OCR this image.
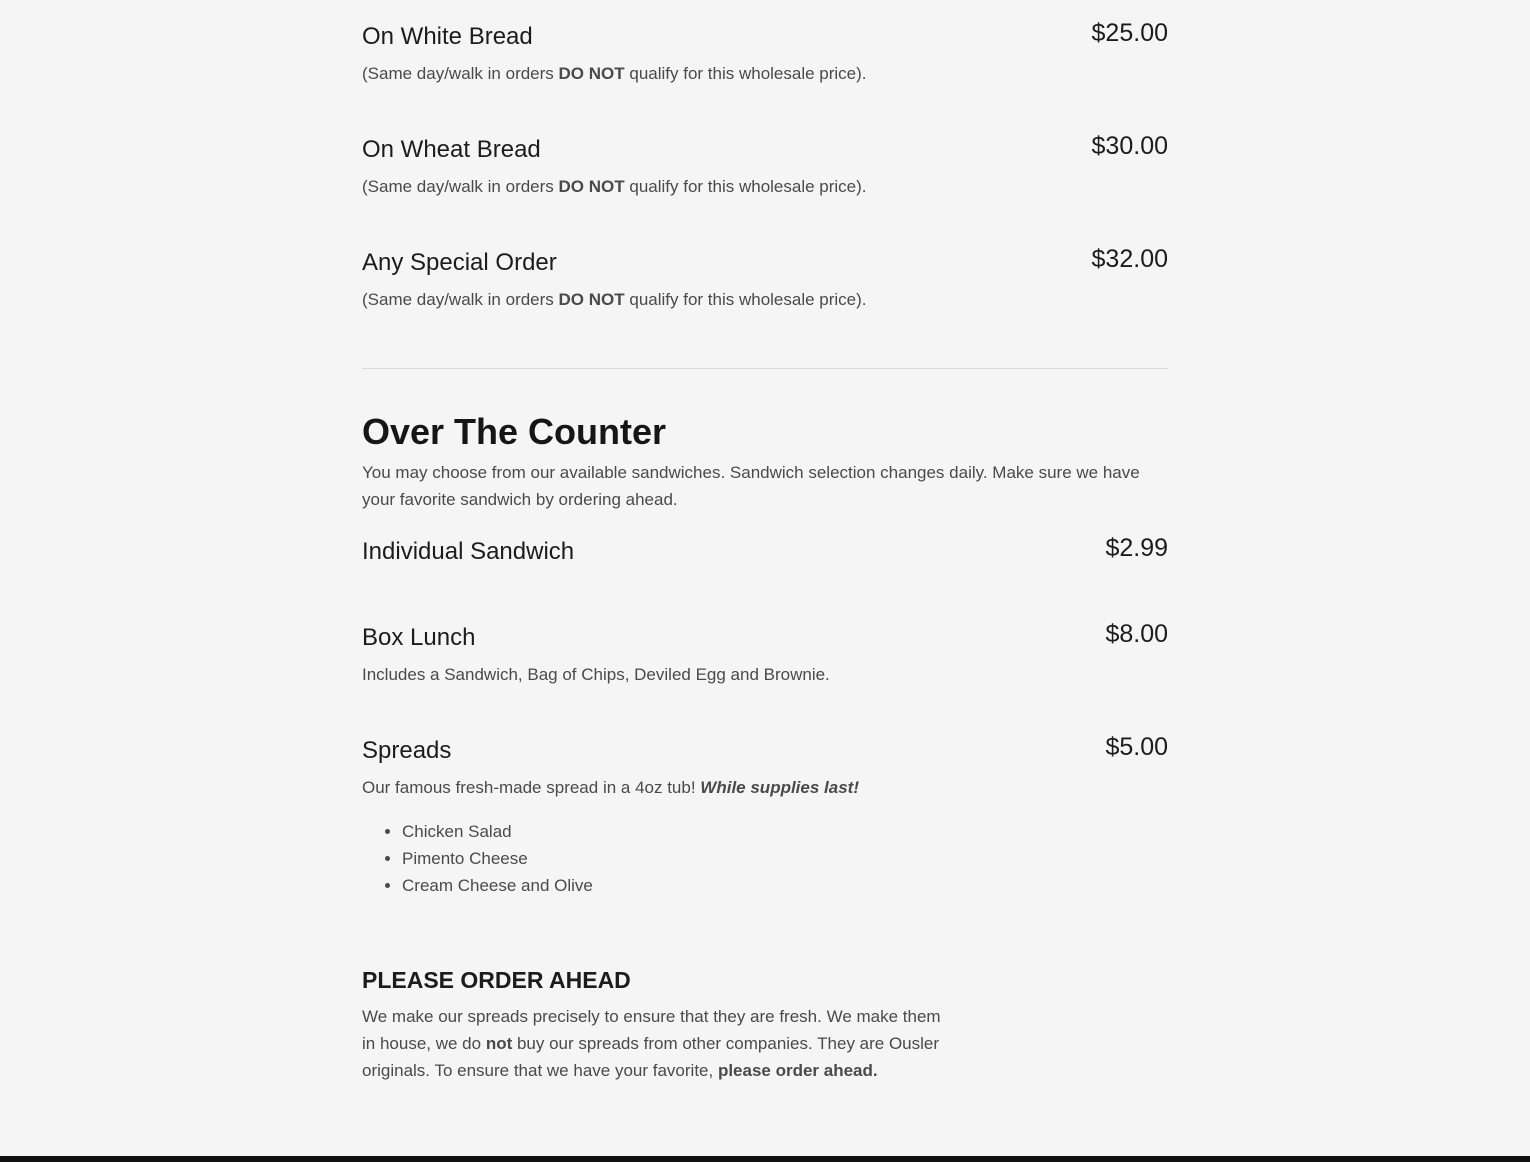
On White Bread	$25.00
(Same day/walk in orders DO NOT qualify for this wholesale price).
On Wheat Bread	$30.00
(Same day/walk in orders DO NOT qualify for this wholesale price).
Any Special Order	$32.00
(Same day/walk in orders DO NOT qualify for this wholesale price).
Over The Counter

You may choose from our available sandwiches. Sandwich selection changes daily. Make sure we have your favorite sandwich by ordering ahead.

Individual Sandwich	$2.99
Box Lunch	$8.00
Includes a Sandwich, Bag of Chips, Deviled Egg and Brownie.
Spreads	$5.00
Our famous fresh-made spread in a 4oz tub! While supplies last!
• Chicken Salad
• Pimento Cheese
• Cream Cheese and Olive
PLEASE ORDER AHEAD

We make our spreads precisely to ensure that they are fresh. We make them in house, we do not buy our spreads from other companies. They are Ousler originals. To ensure that we have your favorite, please order ahead.
